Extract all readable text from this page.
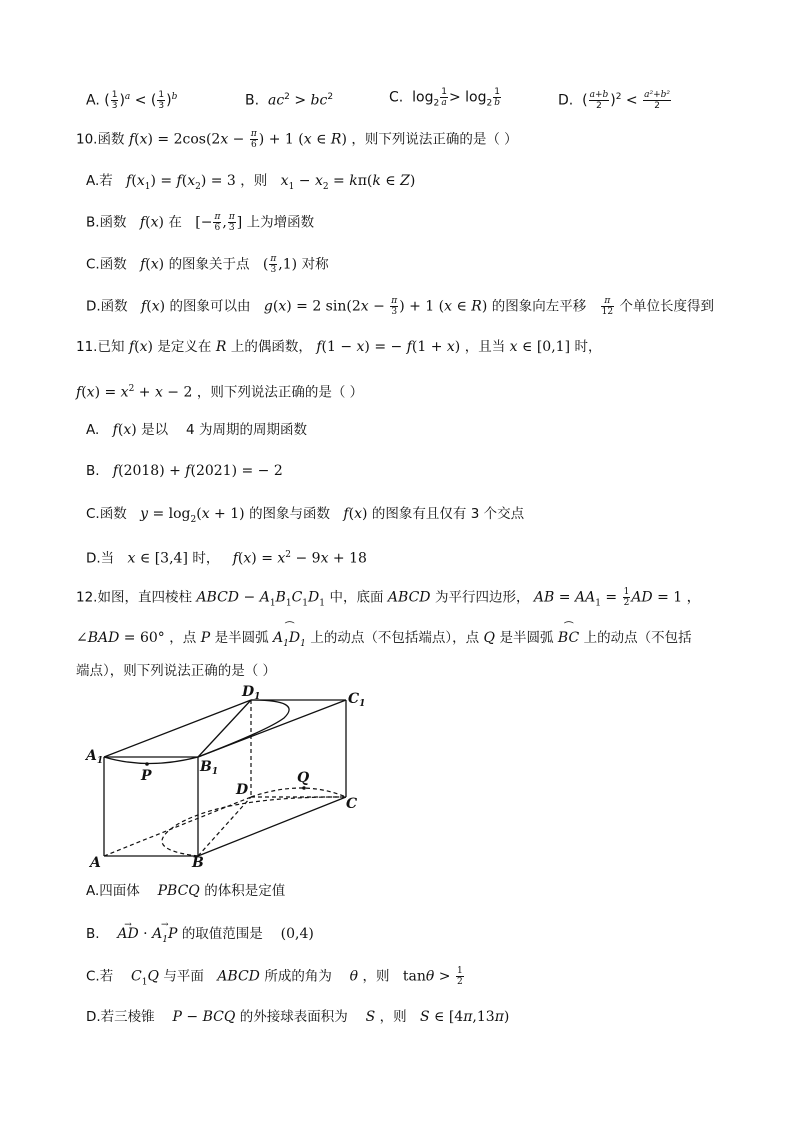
A. ( $\frac{1}{3} )^a$ < ( $\frac{1}{3} )^b$	B. $ac^2 > bc^2$	C.  $\log_2 \frac{1}{a} > \log_2 \frac{1}{b}$	D.  ( $\frac{a+b}{2} )^2 < \frac{\text{a²+b²}}{2}$
10.函数 $f(x) = 2\cos(2x - \frac{\pi}{6}$ ) + 1 (x ∈ R) ，则下列说法正确的是（ ）
A.若 $f(x_1) = f(x_2) = 3$ ，则 $x_1 - x_2 = k\pi(k$ ∈ Z)
B.函数 f(x) 在   [− $\frac{\pi}{6}$ , $\frac{\pi}{3}$ ] 上为增函数
C.函数 f(x) 的图象关于点   ( $\frac{\pi}{3} ,1$) 对称
D.函数 f(x) 的图象可以由 g(x) = 2 $\sin(2x - \frac{\pi}{3}$ ) + 1 (x ∈ R) 的图象向左平移 $\frac{\pi}{12}$ 个单位长度得到
11.已知 f(x) 是定义在 R 上的偶函数， f(1 − x) = − f(1 + x) ，且当 x ∈ [0,1] 时，
$f(x) = x^2 + x - 2$ ，则下列说法正确的是（ ）
A. f(x) 是以 4 为周期的周期函数
B. f(2018) + f(2021) = − 2
C.函数 $y = \log_2(x + 1)$ 的图象与函数 f(x) 的图象有且仅有 3 个交点
D.当 x ∈ [3,4] 时， $f(x) = x^2 - 9x + 18$
12.如图，直四棱柱 ABCD − $A_1B_1C_1D_1$ 中，底面 ABCD 为平行四边形， AB = $AA_1 = \frac{1}{2}$ AD = 1 ，
∠BAD = 60° ，点 P 是半圆弧 ⏜ $A_1D_1$ 上的动点（不包括端点），点 Q 是半圆弧 ⏜ BC 上的动点（不包括
端点），则下列说法正确的是（ ）
$A_1$	$B_1$
$D_1$	$C_1$
P	Q
D
C
A	B
A.四面体 PBCQ 的体积是定值
B. → AD · → $A_1P$ 的取值范围是 (0,4)
C.若 $C_1Q$ 与平面 ABCD 所成的角为 θ ，则   $\tan\theta > \frac{1}{2}$
D.若三棱锥 P − BCQ 的外接球表面积为 S ，则 S ∈ [4π,13π)
